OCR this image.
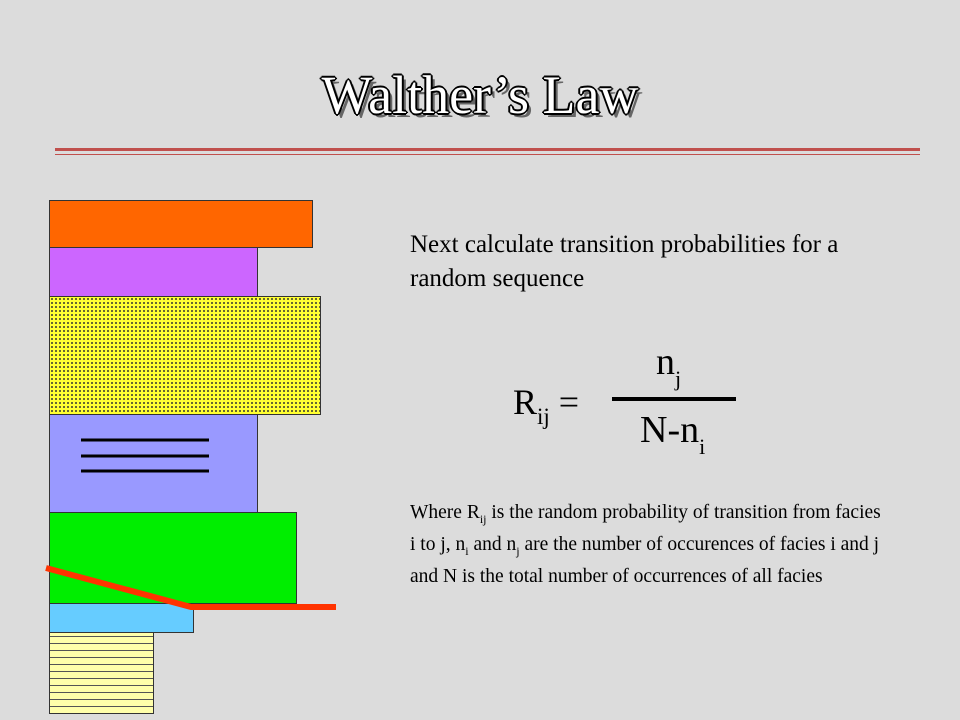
Walther’s Law
Next calculate transition probabilities for a random sequence
$R_{ij}$ =
$n_j$
$N-n_i$
Where $R_{ij}$ is the random probability of transition from facies i to j, $n_i$ and $n_j$ are the number of occurences of facies i and j and N is the total number of occurrences of all facies
